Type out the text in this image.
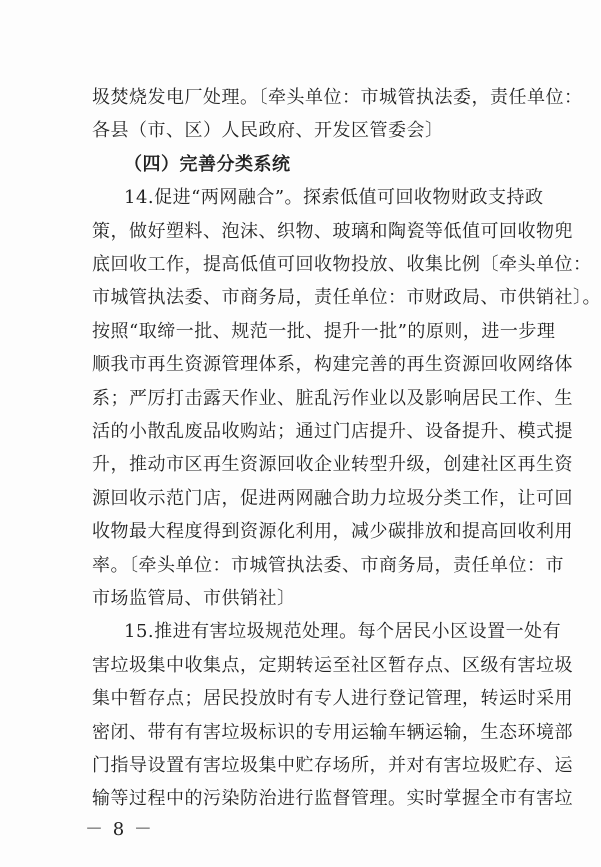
圾焚烧发电厂处理。〔牵头单位：市城管执法委，责任单位：
各县（市、区）人民政府、开发区管委会〕
（四）完善分类系统
14.促进“两网融合”。探索低值可回收物财政支持政
策，做好塑料、泡沫、织物、玻璃和陶瓷等低值可回收物兜
底回收工作，提高低值可回收物投放、收集比例〔牵头单位：
市城管执法委、市商务局，责任单位：市财政局、市供销社〕。
按照“取缔一批、规范一批、提升一批”的原则，进一步理
顺我市再生资源管理体系，构建完善的再生资源回收网络体
系；严厉打击露天作业、脏乱污作业以及影响居民工作、生
活的小散乱废品收购站；通过门店提升、设备提升、模式提
升，推动市区再生资源回收企业转型升级，创建社区再生资
源回收示范门店，促进两网融合助力垃圾分类工作，让可回
收物最大程度得到资源化利用，减少碳排放和提高回收利用
率。〔牵头单位：市城管执法委、市商务局，责任单位：市
市场监管局、市供销社〕
15.推进有害垃圾规范处理。每个居民小区设置一处有
害垃圾集中收集点，定期转运至社区暂存点、区级有害垃圾
集中暂存点；居民投放时有专人进行登记管理，转运时采用
密闭、带有有害垃圾标识的专用运输车辆运输，生态环境部
门指导设置有害垃圾集中贮存场所，并对有害垃圾贮存、运
输等过程中的污染防治进行监督管理。实时掌握全市有害垃
－ 8 －
